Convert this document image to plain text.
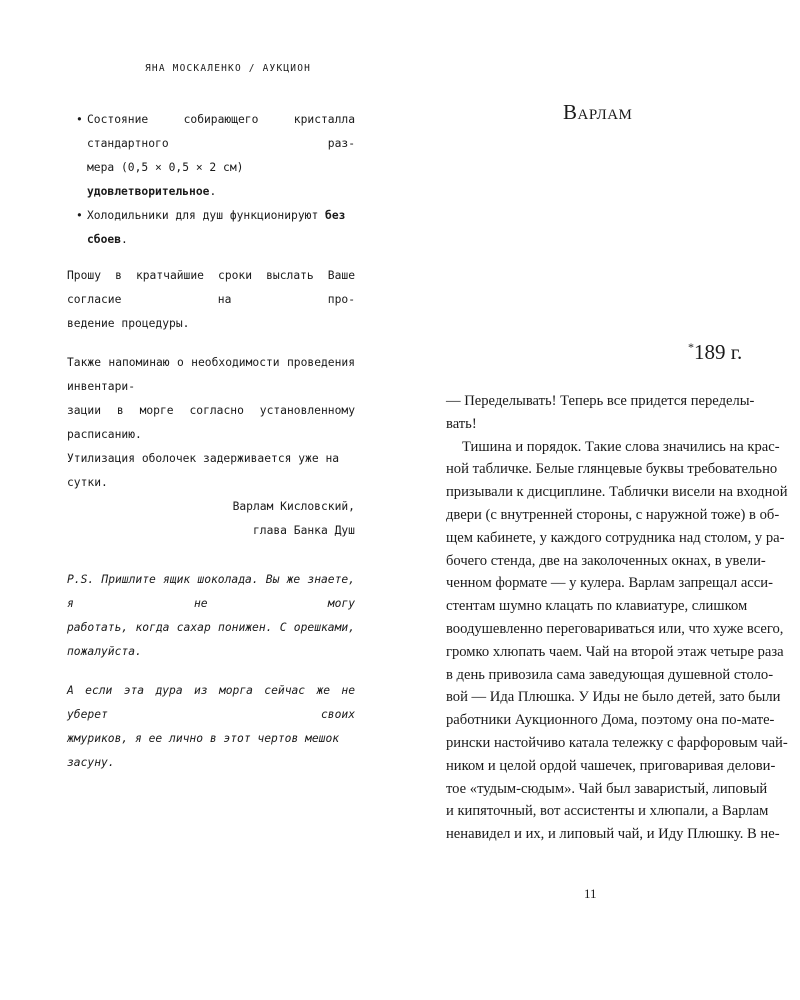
ЯНА МОСКАЛЕНКО / АУКЦИОН
• Состояние собирающего кристалла стандартного раз-
мера (0,5 × 0,5 × 2 см) удовлетворительное.
• Холодильники для душ функционируют без сбоев.

Прошу в кратчайшие сроки выслать Ваше согласие на про-
ведение процедуры.

Также напоминаю о необходимости проведения инвентари-
зации в морге согласно установленному расписанию.
Утилизация оболочек задерживается уже на сутки.

Варлам Кисловский,
глава Банка Душ

P.S. Пришлите ящик шоколада. Вы же знаете, я не могу
работать, когда сахар понижен. С орешками, пожалуйста.

А если эта дура из морга сейчас же не уберет своих
жмуриков, я ее лично в этот чертов мешок засуну.

Варлам
*189 г.
— Переделывать! Теперь все придется переделы-
вать!
Тишина и порядок. Такие слова значились на крас-
ной табличке. Белые глянцевые буквы требовательно
призывали к дисциплине. Таблички висели на входной
двери (с внутренней стороны, с наружной тоже) в об-
щем кабинете, у каждого сотрудника над столом, у ра-
бочего стенда, две на заколоченных окнах, в увели-
ченном формате — у кулера. Варлам запрещал асси-
стентам шумно клацать по клавиатуре, слишком
воодушевленно переговариваться или, что хуже всего,
громко хлюпать чаем. Чай на второй этаж четыре раза
в день привозила сама заведующая душевной столо-
вой — Ида Плюшка. У Иды не было детей, зато были
работники Аукционного Дома, поэтому она по-мате-
рински настойчиво катала тележку с фарфоровым чай-
ником и целой ордой чашечек, приговаривая делови-
тое «тудым-сюдым». Чай был заваристый, липовый
и кипяточный, вот ассистенты и хлюпали, а Варлам
ненавидел и их, и липовый чай, и Иду Плюшку. В не-
11
